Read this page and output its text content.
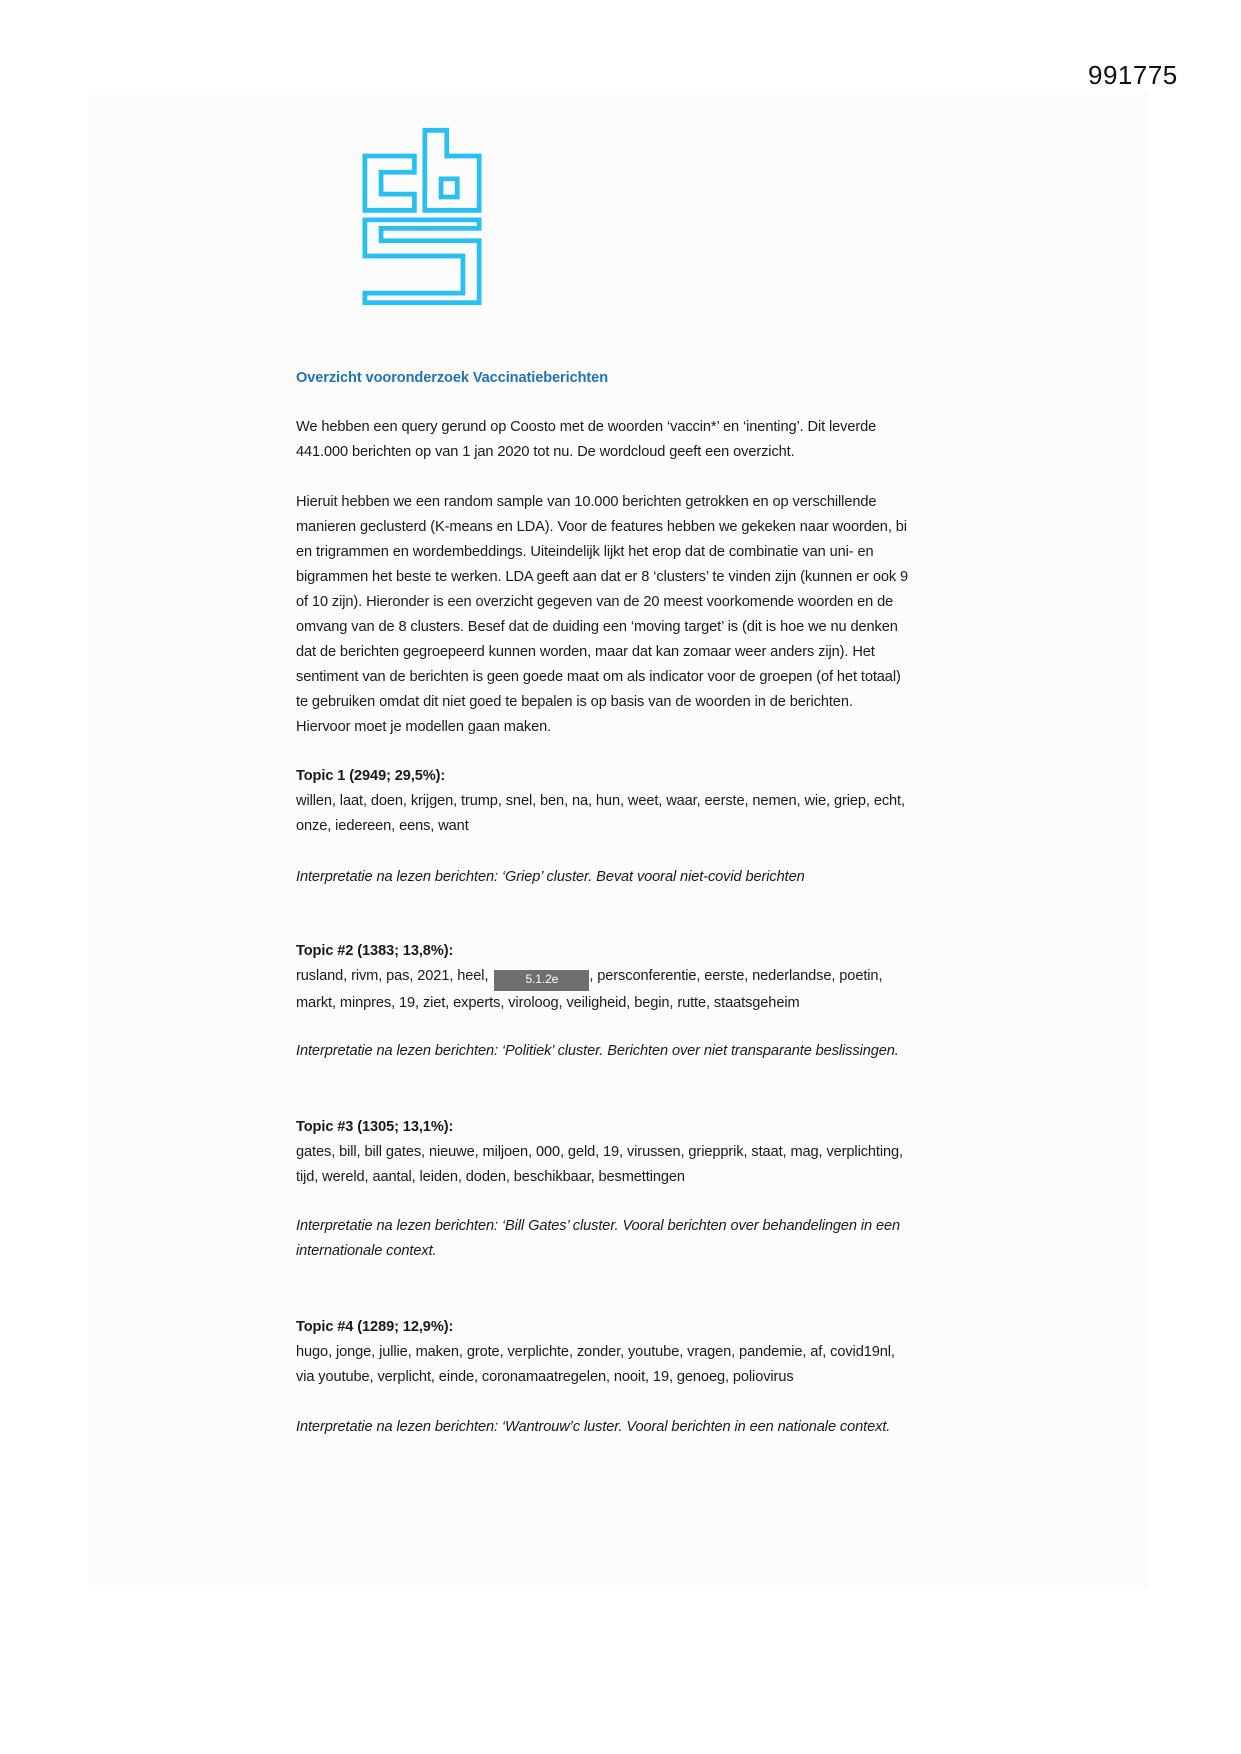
991775
Overzicht vooronderzoek Vaccinatieberichten
We hebben een query gerund op Coosto met de woorden ‘vaccin*’ en ‘inenting’. Dit leverde
441.000 berichten op van 1 jan 2020 tot nu. De wordcloud geeft een overzicht.
Hieruit hebben we een random sample van 10.000 berichten getrokken en op verschillende
manieren geclusterd (K-means en LDA). Voor de features hebben we gekeken naar woorden, bi
en trigrammen en wordembeddings. Uiteindelijk lijkt het erop dat de combinatie van uni- en
bigrammen het beste te werken. LDA geeft aan dat er 8 ‘clusters’ te vinden zijn (kunnen er ook 9
of 10 zijn). Hieronder is een overzicht gegeven van de 20 meest voorkomende woorden en de
omvang van de 8 clusters. Besef dat de duiding een ‘moving target’ is (dit is hoe we nu denken
dat de berichten gegroepeerd kunnen worden, maar dat kan zomaar weer anders zijn). Het
sentiment van de berichten is geen goede maat om als indicator voor de groepen (of het totaal)
te gebruiken omdat dit niet goed te bepalen is op basis van de woorden in de berichten.
Hiervoor moet je modellen gaan maken.
Topic 1 (2949; 29,5%):
willen, laat, doen, krijgen, trump, snel, ben, na, hun, weet, waar, eerste, nemen, wie, griep, echt,
onze, iedereen, eens, want
Interpretatie na lezen berichten: ‘Griep’ cluster. Bevat vooral niet-covid berichten
Topic #2 (1383; 13,8%):
rusland, rivm, pas, 2021, heel,	5.1.2e , persconferentie, eerste, nederlandse, poetin,
markt, minpres, 19, ziet, experts, viroloog, veiligheid, begin, rutte, staatsgeheim
Interpretatie na lezen berichten: ‘Politiek’ cluster. Berichten over niet transparante beslissingen.
Topic #3 (1305; 13,1%):
gates, bill, bill gates, nieuwe, miljoen, 000, geld, 19, virussen, griepprik, staat, mag, verplichting,
tijd, wereld, aantal, leiden, doden, beschikbaar, besmettingen
Interpretatie na lezen berichten: ‘Bill Gates’ cluster. Vooral berichten over behandelingen in een
internationale context.
Topic #4 (1289; 12,9%):
hugo, jonge, jullie, maken, grote, verplichte, zonder, youtube, vragen, pandemie, af, covid19nl,
via youtube, verplicht, einde, coronamaatregelen, nooit, 19, genoeg, poliovirus
Interpretatie na lezen berichten: ‘Wantrouw’c luster. Vooral berichten in een nationale context.
